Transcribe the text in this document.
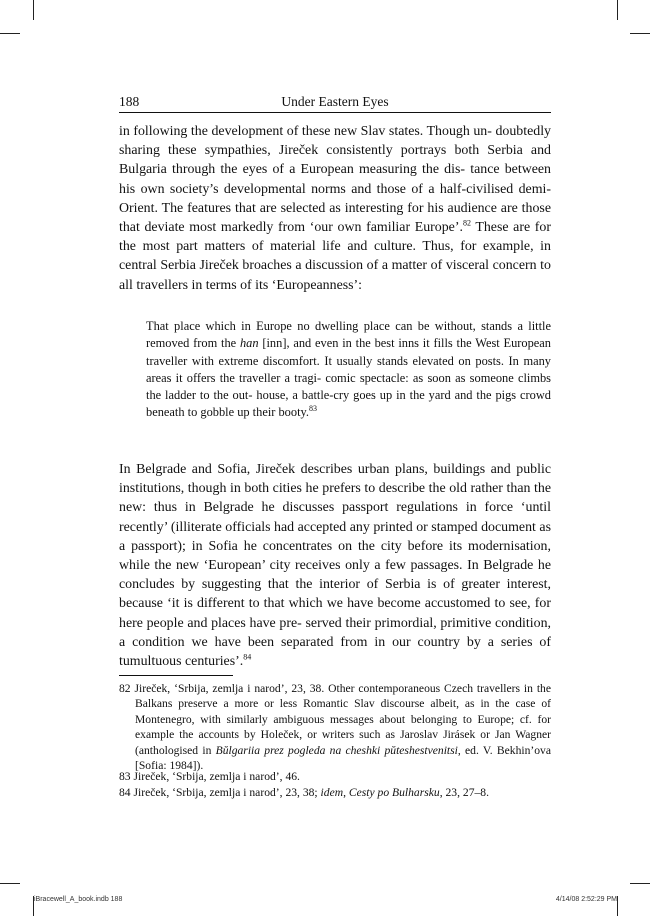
188	Under Eastern Eyes

in following the development of these new Slav states. Though un- doubtedly sharing these sympathies, Jireček consistently portrays both Serbia and Bulgaria through the eyes of a European measuring the dis- tance between his own society’s developmental norms and those of a half-civilised demi-Orient. The features that are selected as interesting for his audience are those that deviate most markedly from ‘our own familiar Europe’.$^{82}$ These are for the most part matters of material life and culture. Thus, for example, in central Serbia Jireček broaches a discussion of a matter of visceral concern to all travellers in terms of its ‘Europeanness’:

That place which in Europe no dwelling place can be without, stands a little removed from the han [inn], and even in the best inns it fills the West European traveller with extreme discomfort. It usually stands elevated on posts. In many areas it offers the traveller a tragi- comic spectacle: as soon as someone climbs the ladder to the out- house, a battle-cry goes up in the yard and the pigs crowd beneath to gobble up their booty.$^{83}$

In Belgrade and Sofia, Jireček describes urban plans, buildings and public institutions, though in both cities he prefers to describe the old rather than the new: thus in Belgrade he discusses passport regulations in force ‘until recently’ (illiterate officials had accepted any printed or stamped document as a passport); in Sofia he concentrates on the city before its modernisation, while the new ‘European’ city receives only a few passages. In Belgrade he concludes by suggesting that the interior of Serbia is of greater interest, because ‘it is different to that which we have become accustomed to see, for here people and places have pre- served their primordial, primitive condition, a condition we have been separated from in our country by a series of tumultuous centuries’.$^{84}$

82 Jireček, ‘Srbija, zemlja i narod’, 23, 38. Other contemporaneous Czech travellers in the Balkans preserve a more or less Romantic Slav discourse albeit, as in the case of Montenegro, with similarly ambiguous messages about belonging to Europe; cf. for example the accounts by Holeček, or writers such as Jaroslav Jirásek or Jan Wagner (anthologised in Bŭlgariia prez pogleda na cheshki pŭteshestvenitsi, ed. V. Bekhin’ova [Sofia: 1984]).

83 Jireček, ‘Srbija, zemlja i narod’, 46.

84 Jireček, ‘Srbija, zemlja i narod’, 23, 38; idem, Cesty po Bulharsku, 23, 27–8.

iBracewell_A_book.indb 188	4/14/08 2:52:29 PM
